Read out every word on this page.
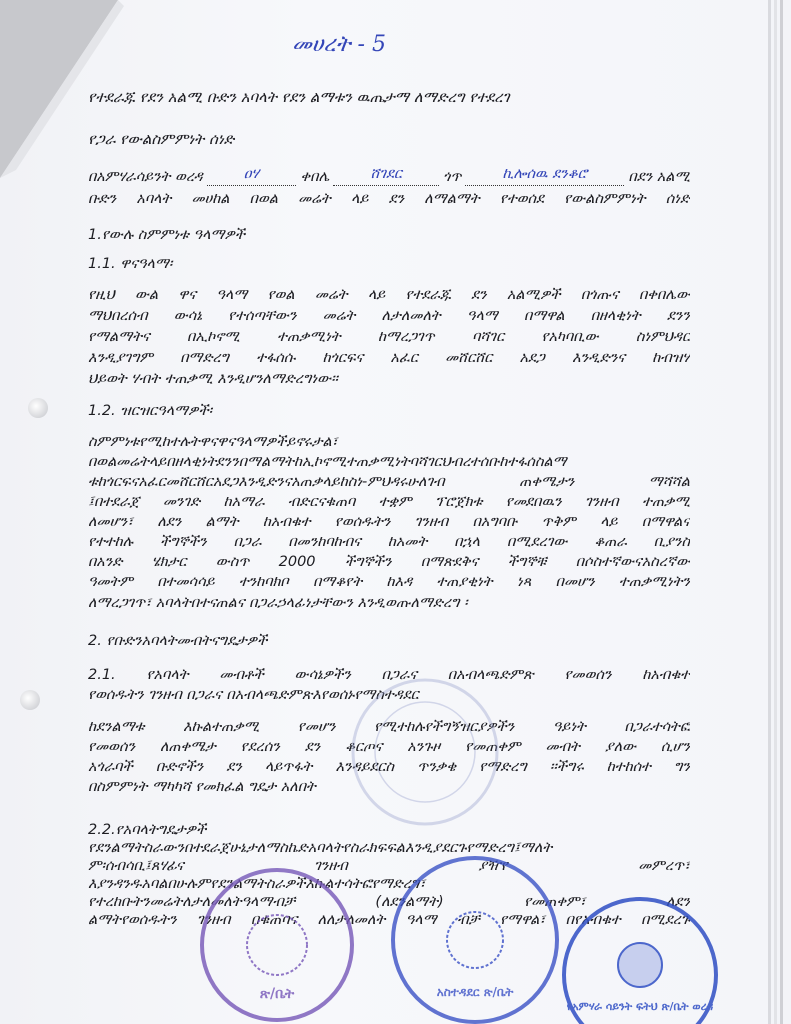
መሀረት - 5
የተደራጁ የደን አልሚ ቡድን አባላት የደን ልማቱን ዉጤታማ ለማድረግ የተደረገ
የጋራ የውልስምምነት ሰነድ
በአምሃራሳይንት ወረዳ	ዐሃ	ቀበሌ	ሸገደር	ጎጥ	ኪሎሰዉ ደንቆሮ	በደን አልሚ
ቡድን አባላት መሀከል በወል መሬት ላይ ደን ለማልማት የተወሰደ የውልስምምነት ሰነድ
1.የውሉ ስምምነቱ ዓላማዎች
1.1. ዋናዓላማ፡
የዚህ ውል ዋና ዓላማ የወል መሬት ላይ የተደራጁ ደን አልሚዎች በጎጡና በቀበሌው
ማህበረሰብ ውሳኔ የተሰጣቸውን መሬት ለታለመለት ዓላማ በማዋል በዘላቂነት ደንን
የማልማትና በኢኮኖሚ ተጠቃሚነት ከማረጋገጥ ባሻገር የአካባቢው ስነምህዳር
እንዲያገግም በማድረግ ተፋሰሱ ከጎርፍና አፈር መሸርሸር አደጋ እንዲድንና ከብዝሃ
ህይወት ሃብት ተጠቃሚ እንዲሆንለማድረግነው፡፡
1.2. ዝርዝርዓላማዎች፡
ስምምነቱየሚከተሉትዋናዋናዓላማዎችይኖሩታል፣
በወልመሬትላይበዘላቂነትደንንበማልማትከኢኮኖሚተጠቃሚነትባሻገርህብረተሰቡከተፋሰስልማ
ቱከጎርፍናአፈርመሸርሸርአደጋእንዲድንናአጠቃላይከስነ-ምህዳሩሁለገብ ጠቀሜታን ማሻሻል
፤በተደራጀ መንገድ ከአማራ ብድርናቁጠባ ተቋም ፕሮጀክቱ የመደበዉን ገንዘብ ተጠቃሚ
ለመሆን፣ ለደን ልማት ከአብቁተ የወሰዱትን ገንዘብ በአግባቡ ጥቅም ላይ በማዋልና
የተተከሉ ችግኞችን በጋራ በመንከባከብና ከአመት በኋላ በሚደረገው ቆጠራ ቢያንስ
በአንድ ሄክታር ውስጥ 2000 ችግኞችን በማጽደቅና ችግኞቹ በሶስተኛውናአስረኛው
ዓመትም በተመሳሳይ ተንከባክቦ በማቆየት ከእዳ ተጠያቂነት ነጻ በመሆን ተጠቃሚነትን
ለማረጋገጥ፣ አባላትበተናጠልና በጋራኃላፊነታቸውን እንዲወጡለማድረግ ፡
2. የቡድንአባላትመብትናግዴታዎች
2.1. የአባላት መብቶች ውሳኔዎችን በጋራና በአብላጫድምጽ የመወሰን ከአብቁተ
የወሰዱትን ገንዘብ በጋራና በአብላጫድምጽእየወሰኑየማስተዳደር
ከደንልማቱ እኩልተጠቃሚ የመሆን የሚተከሉየችግኝዝርያዎችን ዓይነት በጋራተሳትፎ
የመወሰን ለጠቀሜታ የደረሰን ደን ቆርጦና አንጉዞ የመጠቀም መብት ያለው ሲሆን
አጎራባች ቡድኖችን ደን ላይጥፋት እንዳይደርስ ጥንቃቄ የማድረግ ፡፡ችግሩ ከተከሰተ ግን
በስምምነት ማካካሻ የመክፈል ግዴታ አለበት
2.2.የአባላትግዴታዎች
የደንልማትስራውንበተደራጀሁኔታለማስኬድአባላትየስራክፍፍልእንዲያደርጉየማድረግ፤ማለት
ም፡ሰብሳቢ፤ጸሃፊና ገንዘብ ያዥየ መምረጥ፣
እያንዳንዱአባልበሁሉምየደንልማትስራዎችእኩልተሳትፎየማድረግ፣
የተረከቡትንመሬትለታለመለትዓላማብቻ (ለደንልማት) የመጠቀም፣ ለደን
ልማትየወሰዱትን ገንዘብ በቁጠባና ለለታለመለት ዓላማ ብቻ የማዋል፣ በየአብቁተ በሚደረጉ
ጽ/ቤት	አስተዳደር ጽ/ቤት
የአምሃራ ሳይንት ፍትህ ጽ/ቤት ወረዳ
